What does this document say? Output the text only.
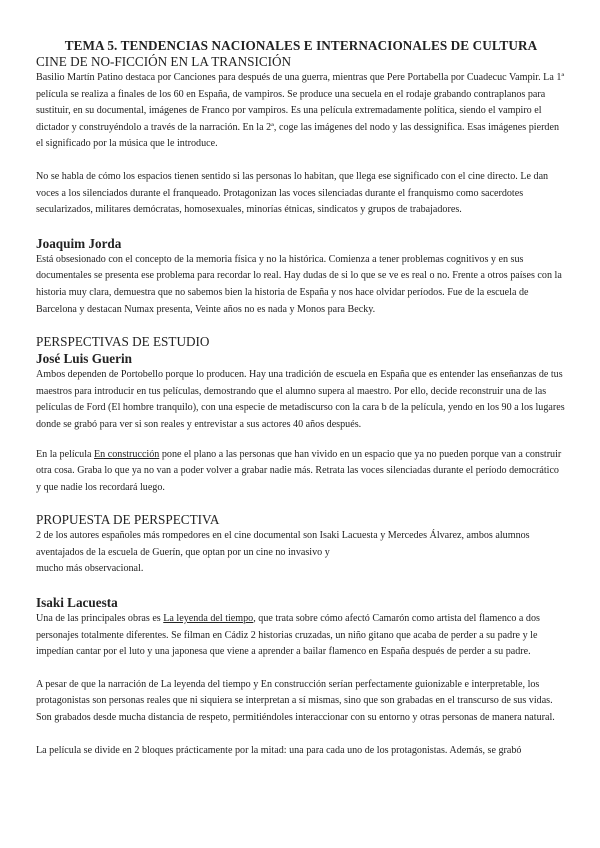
TEMA 5. TENDENCIAS NACIONALES E INTERNACIONALES DE CULTURA
CINE DE NO-FICCIÓN EN LA TRANSICIÓN

Basilio Martín Patino destaca por Canciones para después de una guerra, mientras que Pere Portabella por Cuadecuc Vampir. La 1ª película se realiza a finales de los 60 en España, de vampiros. Se produce una secuela en el rodaje grabando contraplanos para sustituir, en su documental, imágenes de Franco por vampiros. Es una película extremadamente política, siendo el vampiro el dictador y construyéndolo a través de la narración. En la 2ª, coge las imágenes del nodo y las dessignifica. Esas imágenes pierden el significado por la música que le introduce.

No se habla de cómo los espacios tienen sentido si las personas lo habitan, que llega ese significado con el cine directo. Le dan voces a los silenciados durante el franqueado. Protagonizan las voces silenciadas durante el franquismo como sacerdotes secularizados, militares demócratas, homosexuales, minorías étnicas, sindicatos y grupos de trabajadores.

Joaquim Jorda

Está obsesionado con el concepto de la memoria física y no la histórica. Comienza a tener problemas cognitivos y en sus documentales se presenta ese problema para recordar lo real. Hay dudas de si lo que se ve es real o no. Frente a otros países con la historia muy clara, demuestra que no sabemos bien la historia de España y nos hace olvidar períodos. Fue de la escuela de Barcelona y destacan Numax presenta, Veinte años no es nada y Monos para Becky.

PERSPECTIVAS DE ESTUDIO
José Luis Guerin

Ambos dependen de Portobello porque lo producen. Hay una tradición de escuela en España que es entender las enseñanzas de tus maestros para introducir en tus películas, demostrando que el alumno supera al maestro. Por ello, decide reconstruir una de las películas de Ford (El hombre tranquilo), con una especie de metadiscurso con la cara b de la película, yendo en los 90 a los lugares donde se grabó para ver si son reales y entrevistar a sus actores 40 años después.

En la película En construcción pone el plano a las personas que han vivido en un espacio que ya no pueden porque van a construir otra cosa. Graba lo que ya no van a poder volver a grabar nadie más. Retrata las voces silenciadas durante el período democrático y que nadie los recordará luego.

PROPUESTA DE PERSPECTIVA

2 de los autores españoles más rompedores en el cine documental son Isaki Lacuesta y Mercedes Álvarez, ambos alumnos aventajados de la escuela de Guerín, que optan por un cine no invasivo y
mucho más observacional.

Isaki Lacuesta

Una de las principales obras es La leyenda del tiempo, que trata sobre cómo afectó Camarón como artista del flamenco a dos personajes totalmente diferentes. Se filman en Cádiz 2 historias cruzadas, un niño gitano que acaba de perder a su padre y le impedían cantar por el luto y una japonesa que viene a aprender a bailar flamenco en España después de perder a su padre.

A pesar de que la narración de La leyenda del tiempo y En construcción serían perfectamente guionizable e interpretable, los protagonistas son personas reales que ni siquiera se interpretan a sí mismas, sino que son grabadas en el transcurso de sus vidas. Son grabados desde mucha distancia de respeto, permitiéndoles interaccionar con su entorno y otras personas de manera natural.

La película se divide en 2 bloques prácticamente por la mitad: una para cada uno de los protagonistas. Además, se grabó
